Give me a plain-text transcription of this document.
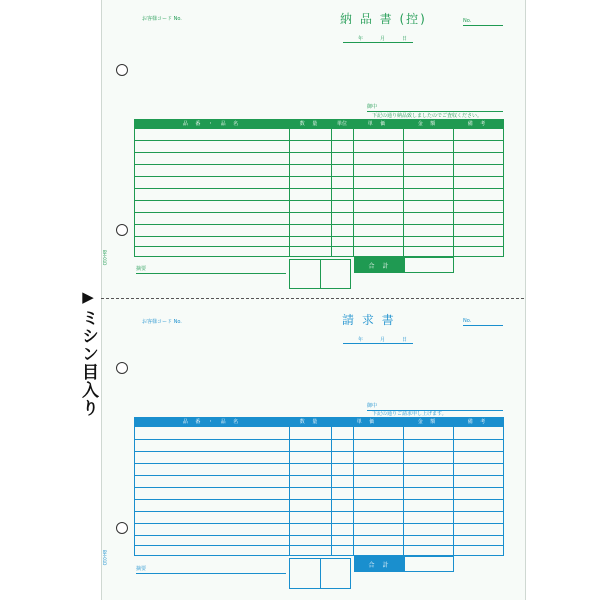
▶
ミシン目入り
お客様コード No.	納 品 書 (控)	No.
年　月　日
御中
下記の通り納品致しましたのでご査収ください。
品 番 ・ 品 名	数 量	単位	単 価	金 額	備 考
摘要	合 計
BH-01D
お客様コード No.	請 求 書	No.
年　月　日
御中
下記の通りご請求申し上げます。
品 番 ・ 品 名	数 量	単 価	金 額	備 考
摘要	合 計
BH-01D
